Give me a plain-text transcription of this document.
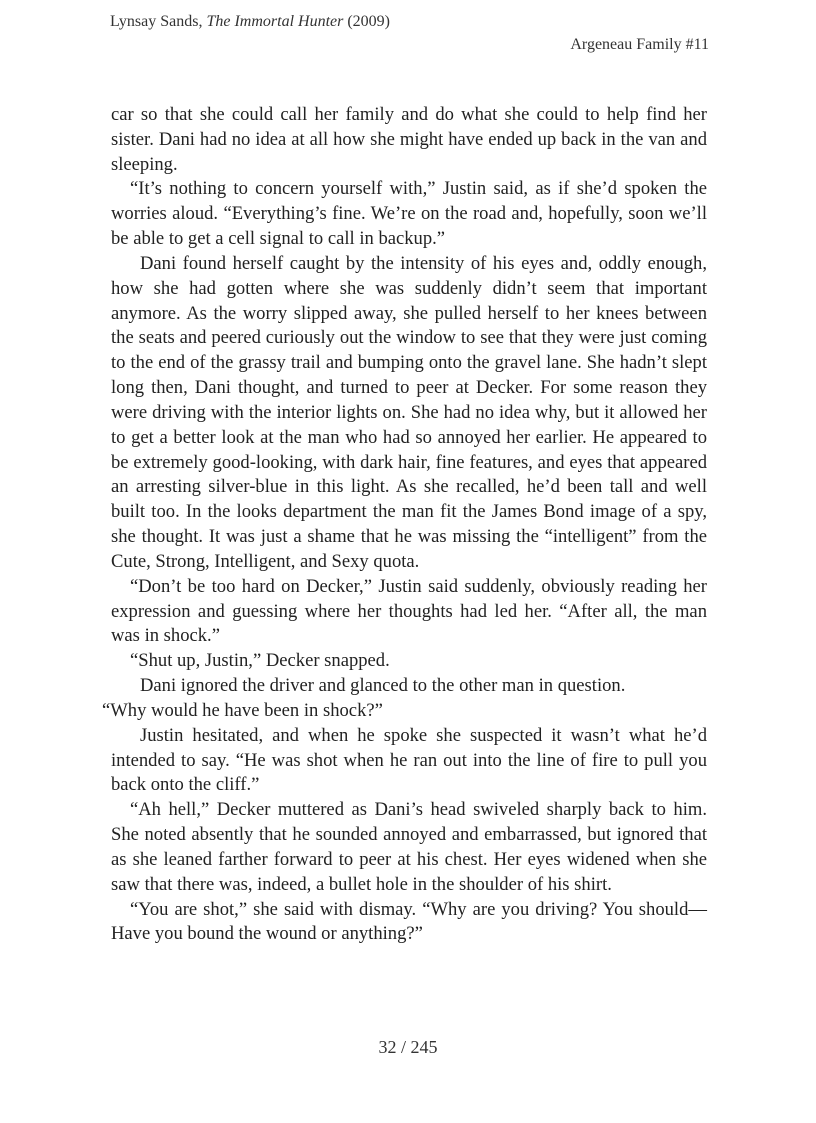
Lynsay Sands, The Immortal Hunter (2009)
Argeneau Family #11

car so that she could call her family and do what she could to help find her sister. Dani had no idea at all how she might have ended up back in the van and sleeping.

“It’s nothing to concern yourself with,” Justin said, as if she’d spoken the worries aloud. “Everything’s fine. We’re on the road and, hopefully, soon we’ll be able to get a cell signal to call in backup.”

Dani found herself caught by the intensity of his eyes and, oddly enough, how she had gotten where she was suddenly didn’t seem that important anymore. As the worry slipped away, she pulled herself to her knees between the seats and peered curiously out the window to see that they were just coming to the end of the grassy trail and bumping onto the gravel lane. She hadn’t slept long then, Dani thought, and turned to peer at Decker. For some reason they were driving with the interior lights on. She had no idea why, but it allowed her to get a better look at the man who had so annoyed her earlier. He appeared to be extremely good-looking, with dark hair, fine features, and eyes that appeared an arresting silver-blue in this light. As she recalled, he’d been tall and well built too. In the looks department the man fit the James Bond image of a spy, she thought. It was just a shame that he was missing the “intelligent” from the Cute, Strong, Intelligent, and Sexy quota.

“Don’t be too hard on Decker,” Justin said suddenly, obviously reading her expression and guessing where her thoughts had led her. “After all, the man was in shock.”

“Shut up, Justin,” Decker snapped.

Dani ignored the driver and glanced to the other man in question.

“Why would he have been in shock?”

Justin hesitated, and when he spoke she suspected it wasn’t what he’d intended to say. “He was shot when he ran out into the line of fire to pull you back onto the cliff.”

“Ah hell,” Decker muttered as Dani’s head swiveled sharply back to him. She noted absently that he sounded annoyed and embarrassed, but ignored that as she leaned farther forward to peer at his chest. Her eyes widened when she saw that there was, indeed, a bullet hole in the shoulder of his shirt.

“You are shot,” she said with dismay. “Why are you driving? You should—Have you bound the wound or anything?”

32 / 245
